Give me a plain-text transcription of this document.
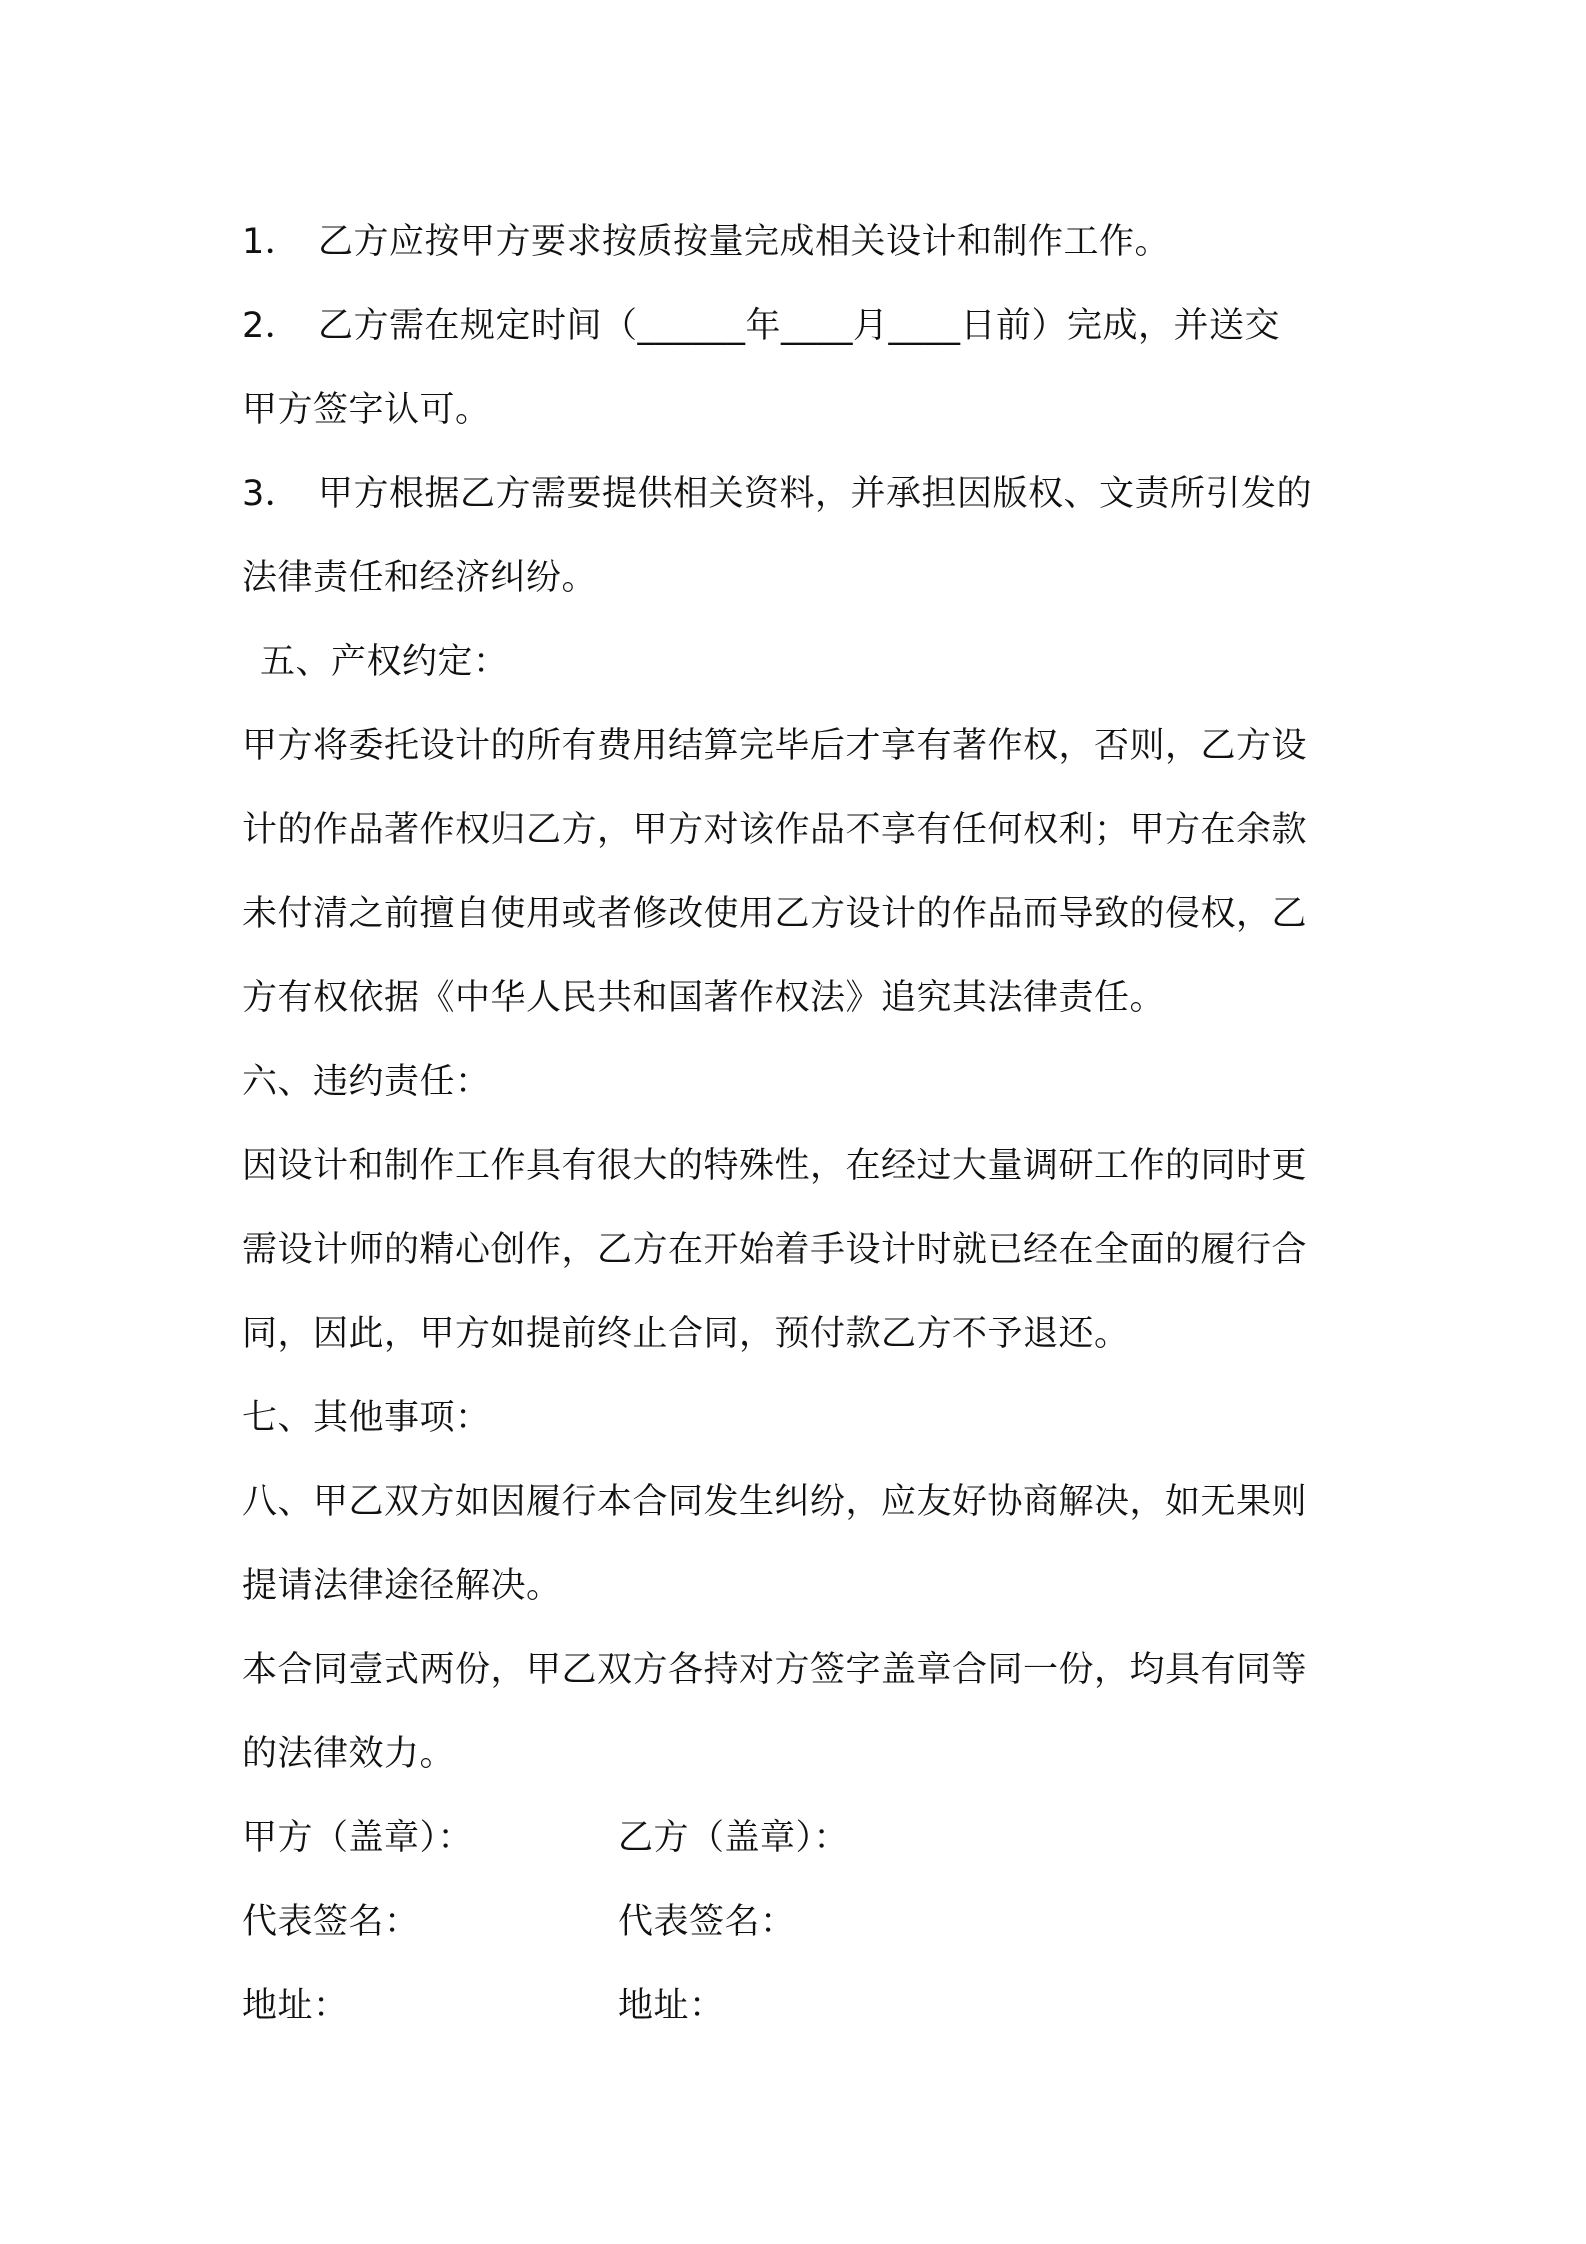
1． 乙方应按甲方要求按质按量完成相关设计和制作工作。
2． 乙方需在规定时间（______年____月____日前）完成，并送交
甲方签字认可。
3． 甲方根据乙方需要提供相关资料，并承担因版权、文责所引发的
法律责任和经济纠纷。
五、产权约定：
甲方将委托设计的所有费用结算完毕后才享有著作权，否则，乙方设
计的作品著作权归乙方，甲方对该作品不享有任何权利；甲方在余款
未付清之前擅自使用或者修改使用乙方设计的作品而导致的侵权，乙
方有权依据《中华人民共和国著作权法》追究其法律责任。
六、违约责任：
因设计和制作工作具有很大的特殊性，在经过大量调研工作的同时更
需设计师的精心创作，乙方在开始着手设计时就已经在全面的履行合
同，因此，甲方如提前终止合同，预付款乙方不予退还。
七、其他事项：
八、甲乙双方如因履行本合同发生纠纷，应友好协商解决，如无果则
提请法律途径解决。
本合同壹式两份，甲乙双方各持对方签字盖章合同一份，均具有同等
的法律效力。
甲方（盖章）：	乙方（盖章）：
代表签名：	代表签名：
地址：	地址：
